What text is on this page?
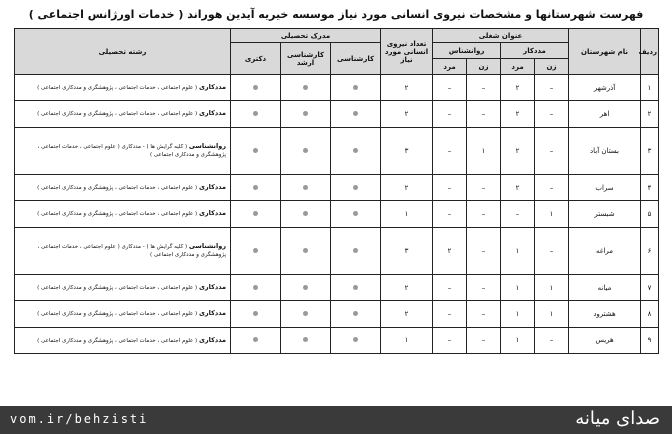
فهرست شهرستانها و مشخصات نیروی انسانی مورد نیاز موسسه خیریه آیدین هوراند ( خدمات اورژانس اجتماعی )
ردیف	نام شهرستان	عنوان شغلی				تعداد نیروی انسانی مورد نیاز	مدرک تحصیلی			رشته تحصیلی
		مددکار		روانشناس			کارشناسی	کارشناسی ارشد	دکتری	
		زن	مرد	زن	مرد					
۱	آذرشهر	–	۲	–	–	۲				مددکاری ( علوم اجتماعی ، خدمات اجتماعی ، پژوهشگری و مددکاری اجتماعی )
۲	اهر	–	۲	–	–	۲				مددکاری ( علوم اجتماعی ، خدمات اجتماعی ، پژوهشگری و مددکاری اجتماعی )
۳	بستان آباد	–	۲	۱	–	۳				روانشناسی ( کلیه گرایش ها ) - مددکاری ( علوم اجتماعی ، خدمات اجتماعی ، پژوهشگری و مددکاری اجتماعی )
۴	سراب	–	۲	–	–	۲				مددکاری ( علوم اجتماعی ، خدمات اجتماعی ، پژوهشگری و مددکاری اجتماعی )
۵	شبستر	۱	–	–	–	۱				مددکاری ( علوم اجتماعی ، خدمات اجتماعی ، پژوهشگری و مددکاری اجتماعی )
۶	مراغه	–	۱	–	۲	۳				روانشناسی ( کلیه گرایش ها ) - مددکاری ( علوم اجتماعی ، خدمات اجتماعی ، پژوهشگری و مددکاری اجتماعی )
۷	میانه	۱	۱	–	–	۲				مددکاری ( علوم اجتماعی ، خدمات اجتماعی ، پژوهشگری و مددکاری اجتماعی )
۸	هشترود	۱	۱	–	–	۲				مددکاری ( علوم اجتماعی ، خدمات اجتماعی ، پژوهشگری و مددکاری اجتماعی )
۹	هریس	–	۱	–	–	۱				مددکاری ( علوم اجتماعی ، خدمات اجتماعی ، پژوهشگری و مددکاری اجتماعی )
vom.ir/behzisti	صدای میانه
